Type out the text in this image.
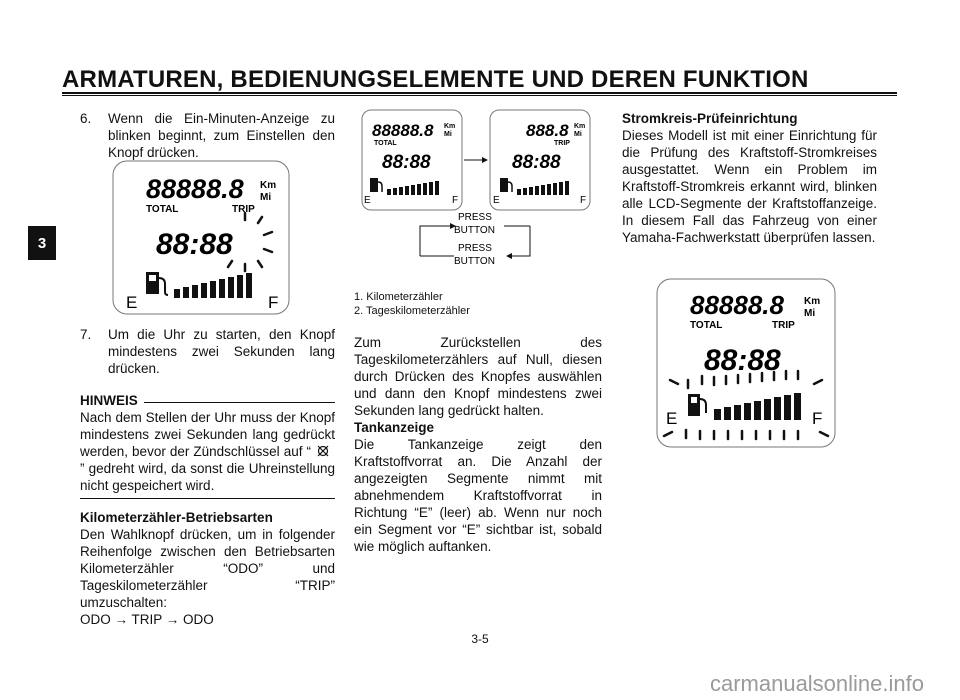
ARMATUREN, BEDIENUNGSELEMENTE UND DEREN FUNKTION
3
6.	Wenn die Ein-Minuten-Anzeige zu blinken beginnt, zum Einstellen den Knopf drücken.
88888.8 Km
Mi
TOTAL	TRIP
88:88
E	F
7.	Um die Uhr zu starten, den Knopf mindestens zwei Sekunden lang drücken.
HINWEIS
Nach dem Stellen der Uhr muss der Knopf mindestens zwei Sekunden lang gedrückt werden, bevor der Zündschlüssel auf “” gedreht wird, da sonst die Uhreinstellung nicht gespeichert wird.
Kilometerzähler-Betriebsarten
Den Wahlknopf drücken, um in folgender Reihenfolge zwischen den Betriebsarten Kilometerzähler “ODO” und Tageskilometerzähler “TRIP” umzuschalten:
ODO → TRIP → ODO
88888.8 Km
Mi
TOTAL
88:88
E	F
888.8 Km
Mi
TRIP
88:88
E	F
PRESS
BUTTON
PRESS
BUTTON
1. Kilometerzähler
2. Tageskilometerzähler
Zum Zurückstellen des Tageskilometerzählers auf Null, diesen durch Drücken des Knopfes auswählen und dann den Knopf mindestens zwei Sekunden lang gedrückt halten.
Tankanzeige
Die Tankanzeige zeigt den Kraftstoffvorrat an. Die Anzahl der angezeigten Segmente nimmt mit abnehmendem Kraftstoffvorrat in Richtung “E” (leer) ab. Wenn nur noch ein Segment vor “E” sichtbar ist, sobald wie möglich auftanken.
Stromkreis-Prüfeinrichtung
Dieses Modell ist mit einer Einrichtung für die Prüfung des Kraftstoff-Stromkreises ausgestattet. Wenn ein Problem im Kraftstoff-Stromkreis erkannt wird, blinken alle LCD-Segmente der Kraftstoffanzeige. In diesem Fall das Fahrzeug von einer Yamaha-Fachwerkstatt überprüfen lassen.
88888.8 Km
Mi
TOTAL	TRIP
88:88
E	F
3-5
carmanualsonline.info
